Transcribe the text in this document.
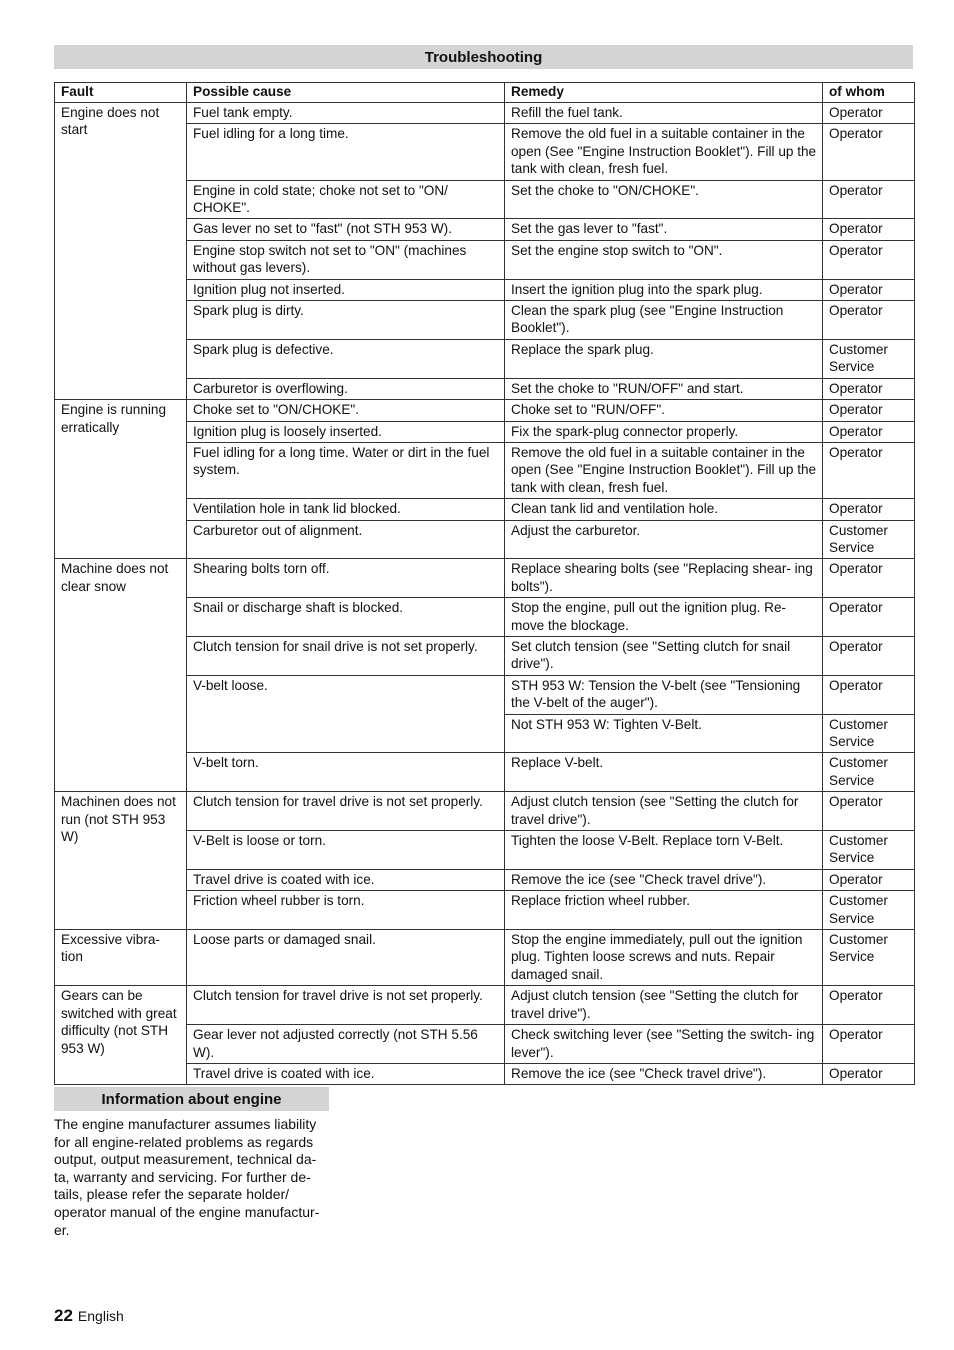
Troubleshooting
Fault	Possible cause	Remedy	of whom
Engine does not start	Fuel tank empty.	Refill the fuel tank.	Operator
	Fuel idling for a long time.	Remove the old fuel in a suitable container in the open (See "Engine Instruction Booklet"). Fill up the tank with clean, fresh fuel.	Operator
	Engine in cold state; choke not set to "ON/ CHOKE".	Set the choke to "ON/CHOKE".	Operator
	Gas lever no set to "fast" (not STH 953 W).	Set the gas lever to "fast".	Operator
	Engine stop switch not set to "ON" (machines without gas levers).	Set the engine stop switch to "ON".	Operator
	Ignition plug not inserted.	Insert the ignition plug into the spark plug.	Operator
	Spark plug is dirty.	Clean the spark plug (see "Engine Instruction Booklet").	Operator
	Spark plug is defective.	Replace the spark plug.	Customer Service
	Carburetor is overflowing.	Set the choke to "RUN/OFF" and start.	Operator
Engine is running erratically	Choke set to "ON/CHOKE".	Choke set to "RUN/OFF".	Operator
	Ignition plug is loosely inserted.	Fix the spark-plug connector properly.	Operator
	Fuel idling for a long time. Water or dirt in the fuel system.	Remove the old fuel in a suitable container in the open (See "Engine Instruction Booklet"). Fill up the tank with clean, fresh fuel.	Operator
	Ventilation hole in tank lid blocked.	Clean tank lid and ventilation hole.	Operator
	Carburetor out of alignment.	Adjust the carburetor.	Customer Service
Machine does not clear snow	Shearing bolts torn off.	Replace shearing bolts (see "Replacing shear- ing bolts").	Operator
	Snail or discharge shaft is blocked.	Stop the engine, pull out the ignition plug. Re- move the blockage.	Operator
	Clutch tension for snail drive is not set properly.	Set clutch tension (see "Setting clutch for snail drive").	Operator
	V-belt loose.	STH 953 W: Tension the V-belt (see "Tensioning the V-belt of the auger").	Operator
		Not STH 953 W: Tighten V-Belt.	Customer Service
	V-belt torn.	Replace V-belt.	Customer Service
Machinen does not run (not STH 953 W)	Clutch tension for travel drive is not set properly.	Adjust clutch tension (see "Setting the clutch for travel drive").	Operator
	V-Belt is loose or torn.	Tighten the loose V-Belt. Replace torn V-Belt.	Customer Service
	Travel drive is coated with ice.	Remove the ice (see "Check travel drive").	Operator
	Friction wheel rubber is torn.	Replace friction wheel rubber.	Customer Service
Excessive vibra- tion	Loose parts or damaged snail.	Stop the engine immediately, pull out the ignition plug. Tighten loose screws and nuts. Repair damaged snail.	Customer Service
Gears can be switched with great difficulty (not STH 953 W)	Clutch tension for travel drive is not set properly.	Adjust clutch tension (see "Setting the clutch for travel drive").	Operator
	Gear lever not adjusted correctly (not STH 5.56 W).	Check switching lever (see "Setting the switch- ing lever").	Operator
	Travel drive is coated with ice.	Remove the ice (see "Check travel drive").	Operator
Information about engine

The engine manufacturer assumes liability for all engine-related problems as regards output, output measurement, technical da- ta, warranty and servicing. For further de- tails, please refer the separate holder/ operator manual of the engine manufactur- er.

22 English
